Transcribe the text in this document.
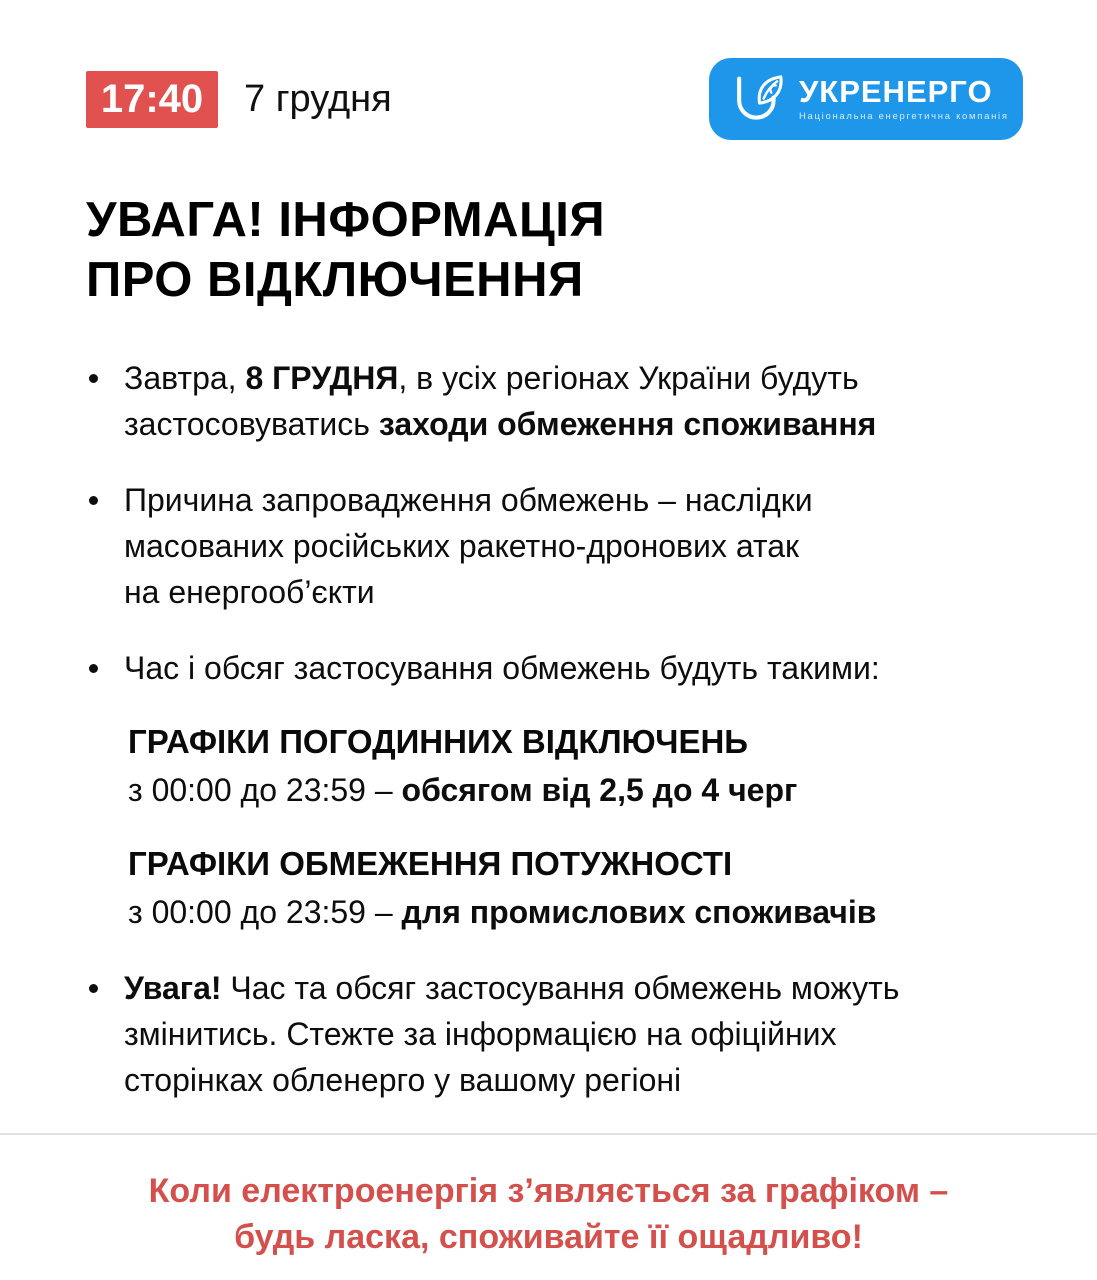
17:40	7 грудня	УКРЕНЕРГО
Національна енергетична компанія
УВАГА! ІНФОРМАЦІЯ
ПРО ВІДКЛЮЧЕННЯ
Завтра, 8 ГРУДНЯ, в усіх регіонах України будуть
застосовуватись заходи обмеження споживання
Причина запровадження обмежень – наслідки
масованих російських ракетно-дронових атак
на енергооб’єкти
Час і обсяг застосування обмежень будуть такими:
ГРАФІКИ ПОГОДИННИХ ВІДКЛЮЧЕНЬ
з 00:00 до 23:59 – обсягом від 2,5 до 4 черг
ГРАФІКИ ОБМЕЖЕННЯ ПОТУЖНОСТІ
з 00:00 до 23:59 – для промислових споживачів
Увага! Час та обсяг застосування обмежень можуть
змінитись. Стежте за інформацією на офіційних
сторінках обленерго у вашому регіоні
Коли електроенергія з’являється за графіком –
будь ласка, споживайте її ощадливо!
